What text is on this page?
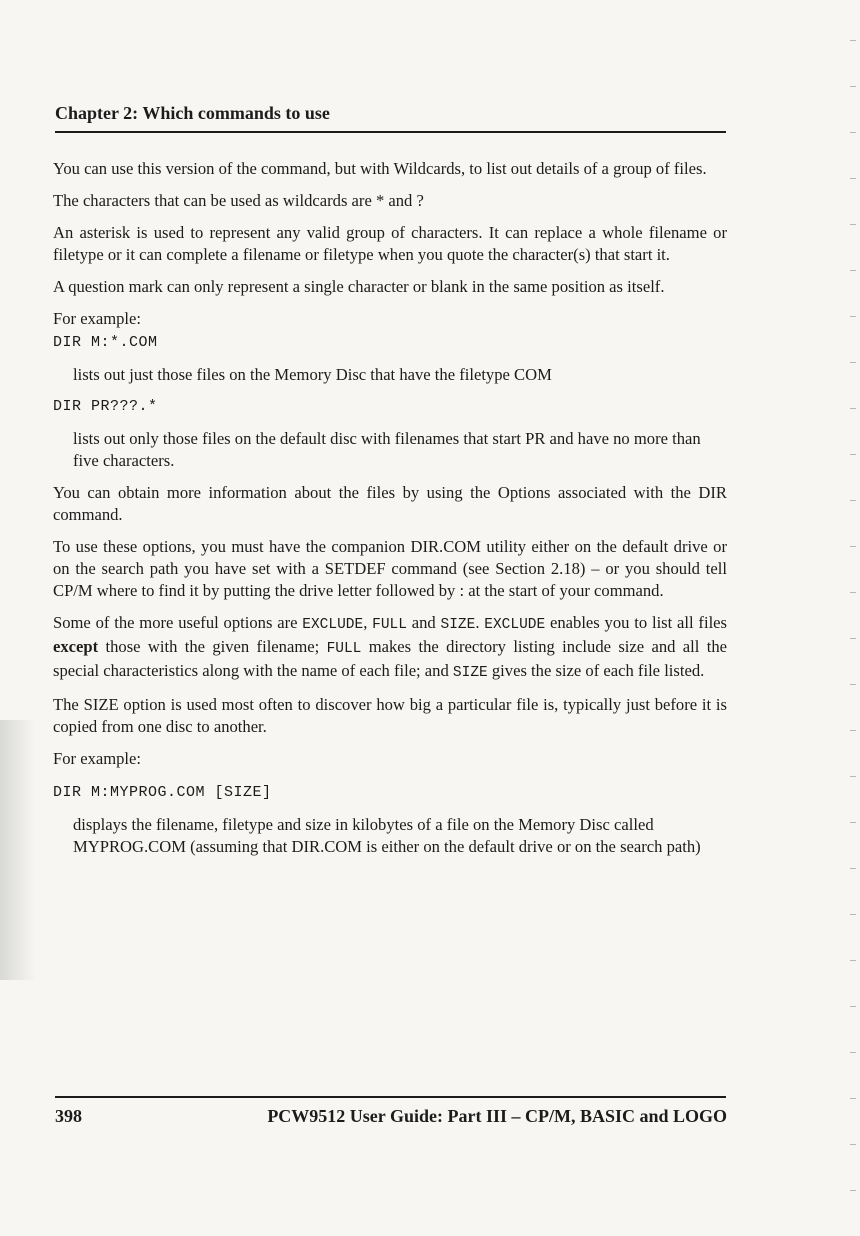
Chapter 2: Which commands to use

You can use this version of the command, but with Wildcards, to list out details of a group of files.

The characters that can be used as wildcards are * and ?

An asterisk is used to represent any valid group of characters. It can replace a whole filename or filetype or it can complete a filename or filetype when you quote the character(s) that start it.

A question mark can only represent a single character or blank in the same position as itself.

For example:

DIR M:*.COM

lists out just those files on the Memory Disc that have the filetype COM

DIR PR???.*

lists out only those files on the default disc with filenames that start PR and have no more than five characters.

You can obtain more information about the files by using the Options associated with the DIR command.

To use these options, you must have the companion DIR.COM utility either on the default drive or on the search path you have set with a SETDEF command (see Section 2.18) – or you should tell CP/M where to find it by putting the drive letter followed by : at the start of your command.

Some of the more useful options are EXCLUDE, FULL and SIZE. EXCLUDE enables you to list all files except those with the given filename; FULL makes the directory listing include size and all the special characteristics along with the name of each file; and SIZE gives the size of each file listed.

The SIZE option is used most often to discover how big a particular file is, typically just before it is copied from one disc to another.

For example:

DIR M:MYPROG.COM [SIZE]

displays the filename, filetype and size in kilobytes of a file on the Memory Disc called MYPROG.COM (assuming that DIR.COM is either on the default drive or on the search path)

398	PCW9512 User Guide: Part III – CP/M, BASIC and LOGO
